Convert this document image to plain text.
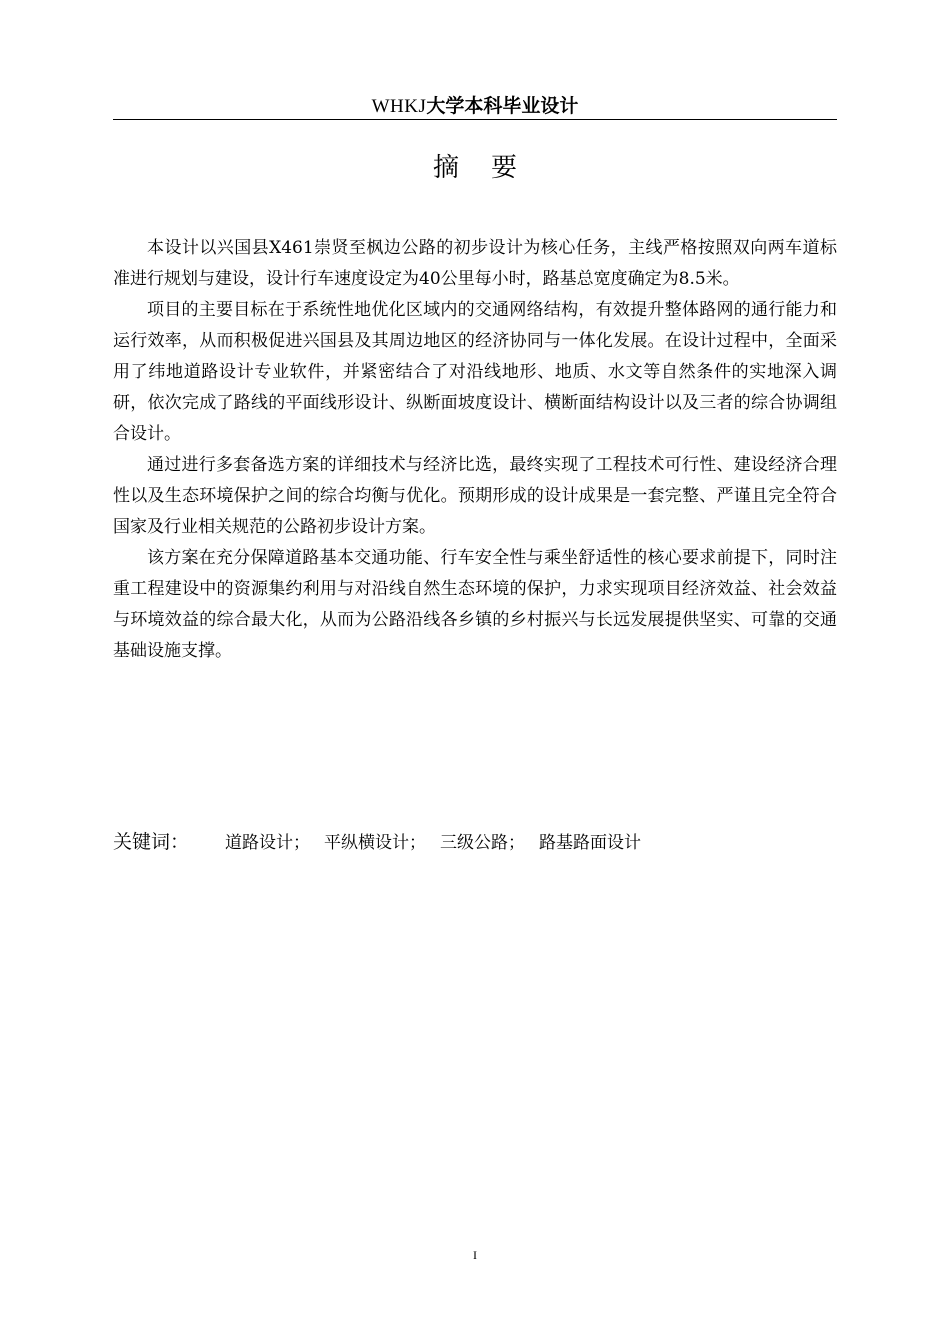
WHKJ大学本科毕业设计
摘要

本设计以兴国县X461崇贤至枫边公路的初步设计为核心任务，主线严格按照双向两车道标准进行规划与建设，设计行车速度设定为40公里每小时，路基总宽度确定为8.5米。

项目的主要目标在于系统性地优化区域内的交通网络结构，有效提升整体路网的通行能力和运行效率，从而积极促进兴国县及其周边地区的经济协同与一体化发展。在设计过程中，全面采用了纬地道路设计专业软件，并紧密结合了对沿线地形、地质、水文等自然条件的实地深入调研，依次完成了路线的平面线形设计、纵断面坡度设计、横断面结构设计以及三者的综合协调组合设计。

通过进行多套备选方案的详细技术与经济比选，最终实现了工程技术可行性、建设经济合理性以及生态环境保护之间的综合均衡与优化。预期形成的设计成果是一套完整、严谨且完全符合国家及行业相关规范的公路初步设计方案。

该方案在充分保障道路基本交通功能、行车安全性与乘坐舒适性的核心要求前提下，同时注重工程建设中的资源集约利用与对沿线自然生态环境的保护，力求实现项目经济效益、社会效益与环境效益的综合最大化，从而为公路沿线各乡镇的乡村振兴与长远发展提供坚实、可靠的交通基础设施支撑。

关键词： 道路设计； 平纵横设计； 三级公路； 路基路面设计
I
